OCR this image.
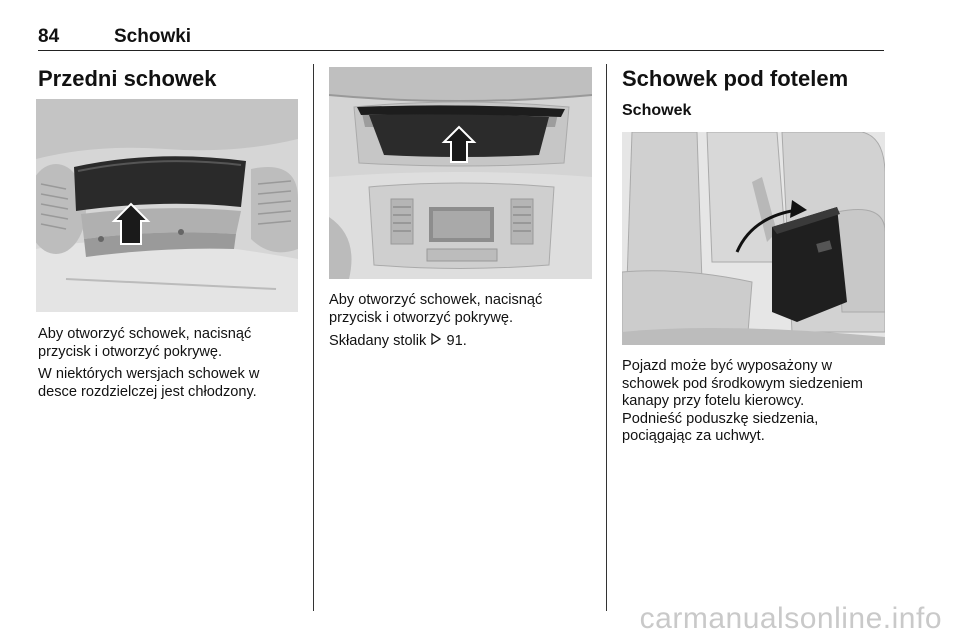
84	Schowki
Przedni schowek

Aby otworzyć schowek, nacisnąć przycisk i otworzyć pokrywę.

W niektórych wersjach schowek w desce rozdzielczej jest chłodzony.

Aby otworzyć schowek, nacisnąć przycisk i otworzyć pokrywę.

Składany stolik 91.

Schowek pod fotelem
Schowek

Pojazd może być wyposażony w

schowek pod środkowym siedzeniem

kanapy przy fotelu kierowcy.

Podnieść poduszkę siedzenia,

pociągając za uchwyt.

carmanualsonline.info
